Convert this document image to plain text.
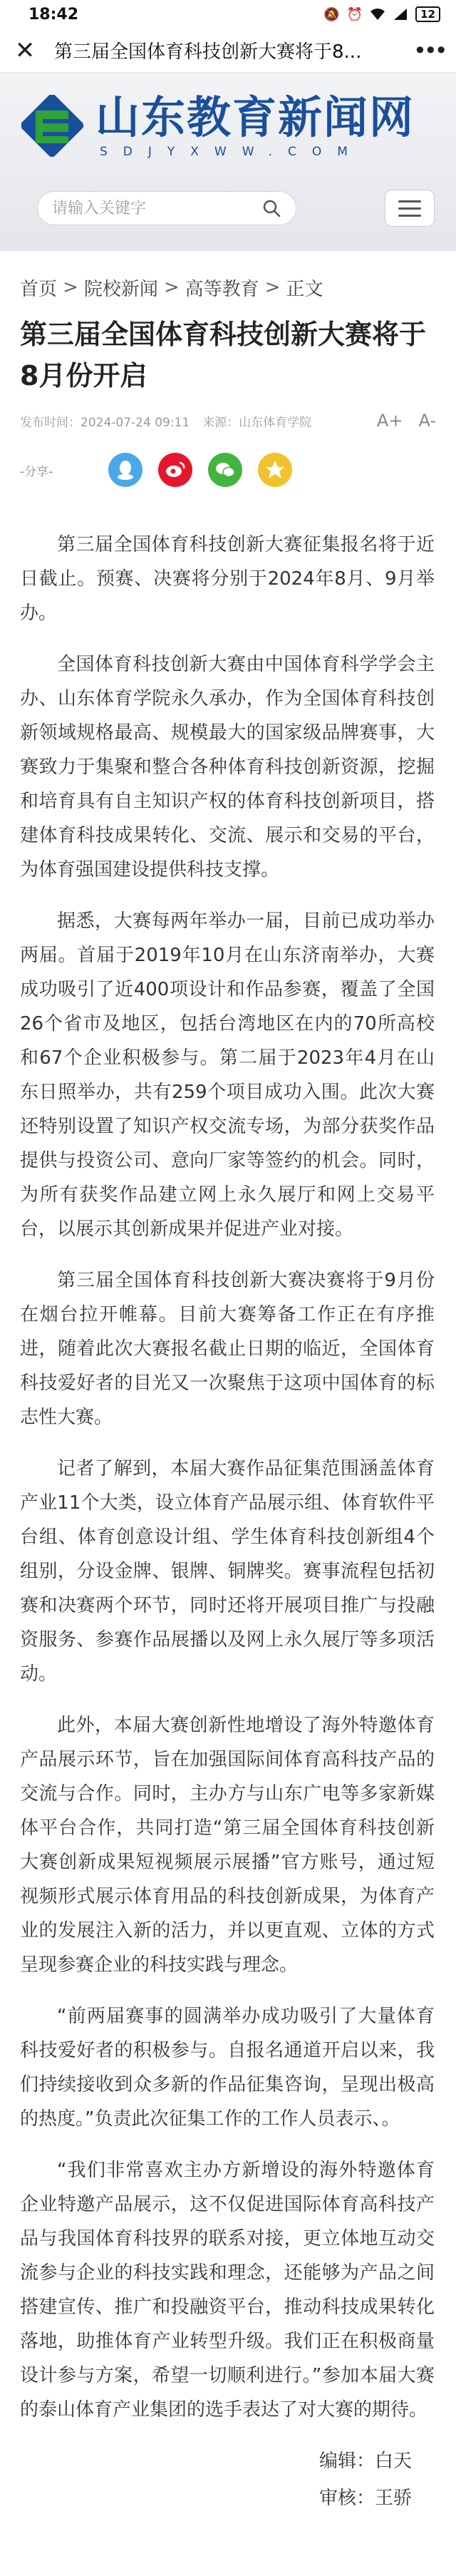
18:42	🔕 ⏰	12
✕ 第三届全国体育科技创新大赛将于8...	•••
山东教育新闻网
SDJYXWW.COM
请输入关键字
首页 > 院校新闻 > 高等教育 > 正文
第三届全国体育科技创新大赛将于8月份开启
发布时间：2024-07-24 09:11 来源：山东体育学院	A+ A-
-分享-

第三届全国体育科技创新大赛征集报名将于近日截止。预赛、决赛将分别于2024年8月、9月举办。

全国体育科技创新大赛由中国体育科学学会主办、山东体育学院永久承办，作为全国体育科技创新领域规格最高、规模最大的国家级品牌赛事，大赛致力于集聚和整合各种体育科技创新资源，挖掘和培育具有自主知识产权的体育科技创新项目，搭建体育科技成果转化、交流、展示和交易的平台，为体育强国建设提供科技支撑。

据悉，大赛每两年举办一届，目前已成功举办两届。首届于2019年10月在山东济南举办，大赛成功吸引了近400项设计和作品参赛，覆盖了全国26个省市及地区，包括台湾地区在内的70所高校和67个企业积极参与。第二届于2023年4月在山东日照举办，共有259个项目成功入围。此次大赛还特别设置了知识产权交流专场，为部分获奖作品提供与投资公司、意向厂家等签约的机会。同时，为所有获奖作品建立网上永久展厅和网上交易平台，以展示其创新成果并促进产业对接。

第三届全国体育科技创新大赛决赛将于9月份在烟台拉开帷幕。目前大赛筹备工作正在有序推进，随着此次大赛报名截止日期的临近，全国体育科技爱好者的目光又一次聚焦于这项中国体育的标志性大赛。

记者了解到，本届大赛作品征集范围涵盖体育产业11个大类，设立体育产品展示组、体育软件平台组、体育创意设计组、学生体育科技创新组4个组别，分设金牌、银牌、铜牌奖。赛事流程包括初赛和决赛两个环节，同时还将开展项目推广与投融资服务、参赛作品展播以及网上永久展厅等多项活动。

此外，本届大赛创新性地增设了海外特邀体育产品展示环节，旨在加强国际间体育高科技产品的交流与合作。同时，主办方与山东广电等多家新媒体平台合作，共同打造“第三届全国体育科技创新大赛创新成果短视频展示展播”官方账号，通过短视频形式展示体育用品的科技创新成果，为体育产业的发展注入新的活力，并以更直观、立体的方式呈现参赛企业的科技实践与理念。

“前两届赛事的圆满举办成功吸引了大量体育科技爱好者的积极参与。自报名通道开启以来，我们持续接收到众多新的作品征集咨询，呈现出极高的热度。”负责此次征集工作的工作人员表示、。

“我们非常喜欢主办方新增设的海外特邀体育企业特邀产品展示，这不仅促进国际体育高科技产品与我国体育科技界的联系对接，更立体地互动交流参与企业的科技实践和理念，还能够为产品之间搭建宣传、推广和投融资平台，推动科技成果转化落地，助推体育产业转型升级。我们正在积极商量设计参与方案，希望一切顺利进行。”参加本届大赛的泰山体育产业集团的选手表达了对大赛的期待。

编辑：白天
审核：王骄
